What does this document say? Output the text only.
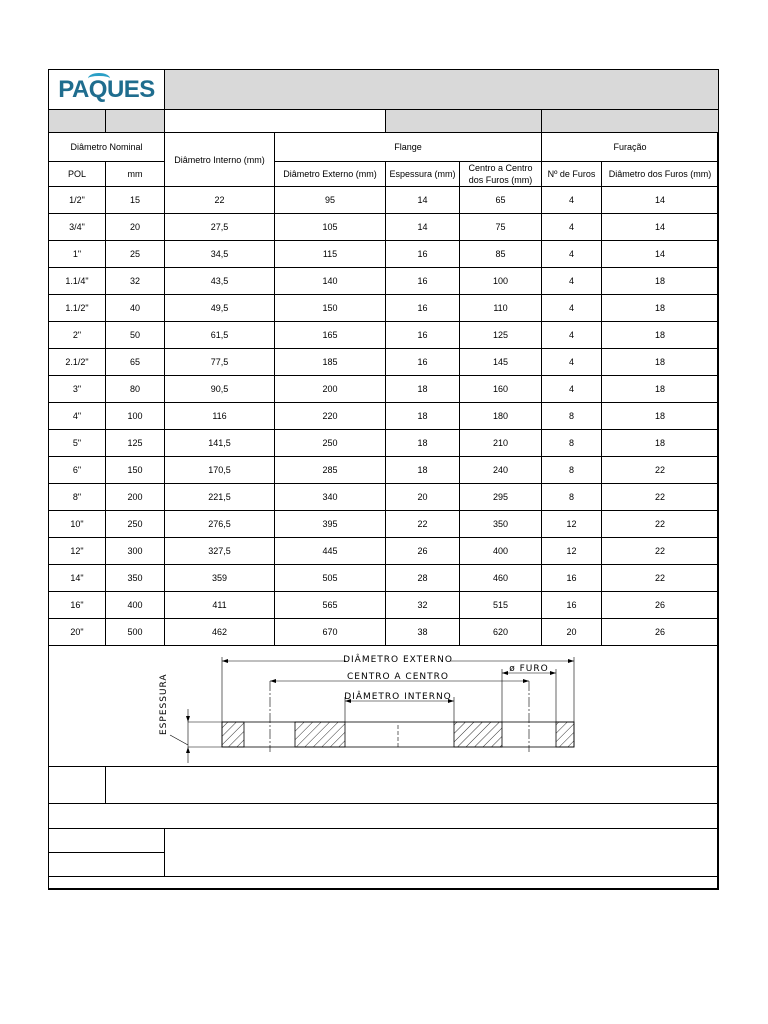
PAQUES							

Diâmetro Nominal		Diâmetro Interno (mm)	Flange			Furação	
POL	mm		Diâmetro Externo (mm)	Espessura (mm)	Centro a Centro dos Furos (mm)	Nº de Furos	Diâmetro dos Furos (mm)
1/2"	15	22	95	14	65	4	14
3/4"	20	27,5	105	14	75	4	14
1"	25	34,5	115	16	85	4	14
1.1/4"	32	43,5	140	16	100	4	18
1.1/2"	40	49,5	150	16	110	4	18
2"	50	61,5	165	16	125	4	18
2.1/2"	65	77,5	185	16	145	4	18
3"	80	90,5	200	18	160	4	18
4"	100	116	220	18	180	8	18
5"	125	141,5	250	18	210	8	18
6"	150	170,5	285	18	240	8	22
8"	200	221,5	340	20	295	8	22
10"	250	276,5	395	22	350	12	22
12"	300	327,5	445	26	400	12	22
14"	350	359	505	28	460	16	22
16"	400	411	565	32	515	16	26
20"	500	462	670	38	620	20	26

DIÂMETRO EXTERNO
ø FURO
CENTRO A CENTRO
DIÂMETRO INTERNO
ESPESSURA
